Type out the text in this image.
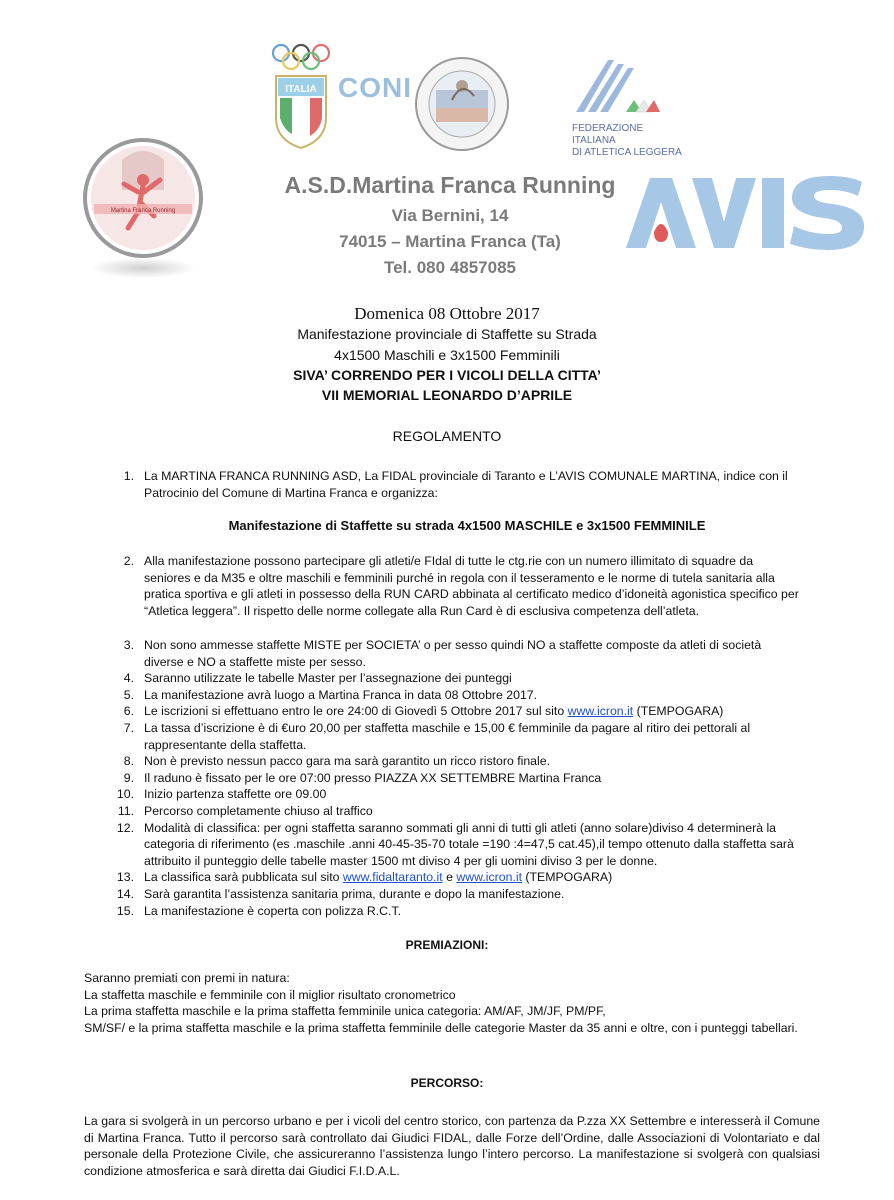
ITALIA CONI
FEDERAZIONE ITALIANA
DI ATLETICA LEGGERA
Martina Franca Running
A.S.D.Martina Franca Running
Via Bernini, 14
74015 – Martina Franca (Ta)
Tel. 080 4857085
Domenica 08 Ottobre 2017
Manifestazione provinciale di Staffette su Strada
4x1500 Maschili e 3x1500 Femminili
SIVA’ CORRENDO PER I VICOLI DELLA CITTA’
VII MEMORIAL LEONARDO D’APRILE
REGOLAMENTO
1. La MARTINA FRANCA RUNNING ASD, La FIDAL provinciale di Taranto e L’AVIS COMUNALE MARTINA, indice con il Patrocinio del Comune di Martina Franca e organizza:
Manifestazione di Staffette su strada 4x1500 MASCHILE e 3x1500 FEMMINILE
2. Alla manifestazione possono partecipare gli atleti/e FIdal di tutte le ctg.rie con un numero illimitato di squadre da seniores e da M35 e oltre maschili e femminili purché in regola con il tesseramento e le norme di tutela sanitaria alla pratica sportiva e gli atleti in possesso della RUN CARD abbinata al certificato medico d’idoneità agonistica specifico per “Atletica leggera”. Il rispetto delle norme collegate alla Run Card è di esclusiva competenza dell’atleta.
3. Non sono ammesse staffette MISTE per SOCIETA’ o per sesso quindi NO a staffette composte da atleti di società diverse e NO a staffette miste per sesso.
4. Saranno utilizzate le tabelle Master per l’assegnazione dei punteggi
5. La manifestazione avrà luogo a Martina Franca in data 08 Ottobre 2017.
6. Le iscrizioni si effettuano entro le ore 24:00 di Giovedì 5 Ottobre 2017 sul sito www.icron.it (TEMPOGARA)
7. La tassa d’iscrizione è di €uro 20,00 per staffetta maschile e 15,00 € femminile da pagare al ritiro dei pettorali al rappresentante della staffetta.
8. Non è previsto nessun pacco gara ma sarà garantito un ricco ristoro finale.
9. Il raduno è fissato per le ore 07:00 presso PIAZZA XX SETTEMBRE Martina Franca
10. Inizio partenza staffette ore 09.00
11. Percorso completamente chiuso al traffico
12. Modalità di classifica: per ogni staffetta saranno sommati gli anni di tutti gli atleti (anno solare)diviso 4 determinerà la categoria di riferimento (es .maschile .anni 40-45-35-70 totale =190 :4=47,5 cat.45),il tempo ottenuto dalla staffetta sarà attribuito il punteggio delle tabelle master 1500 mt diviso 4 per gli uomini diviso 3 per le donne.
13. La classifica sarà pubblicata sul sito www.fidaltaranto.it e www.icron.it (TEMPOGARA)
14. Sarà garantita l’assistenza sanitaria prima, durante e dopo la manifestazione.
15. La manifestazione è coperta con polizza R.C.T.
PREMIAZIONI:
Saranno premiati con premi in natura:
La staffetta maschile e femminile con il miglior risultato cronometrico
La prima staffetta maschile e la prima staffetta femminile unica categoria: AM/AF, JM/JF, PM/PF,
SM/SF/ e la prima staffetta maschile e la prima staffetta femminile delle categorie Master da 35 anni e oltre, con i punteggi tabellari.
PERCORSO:
La gara si svolgerà in un percorso urbano e per i vicoli del centro storico, con partenza da P.zza XX Settembre e interesserà il Comune di Martina Franca. Tutto il percorso sarà controllato dai Giudici FIDAL, dalle Forze dell’Ordine, dalle Associazioni di Volontariato e dal personale della Protezione Civile, che assicureranno l’assistenza lungo l’intero percorso. La manifestazione si svolgerà con qualsiasi condizione atmosferica e sarà diretta dai Giudici F.I.D.A.L.
